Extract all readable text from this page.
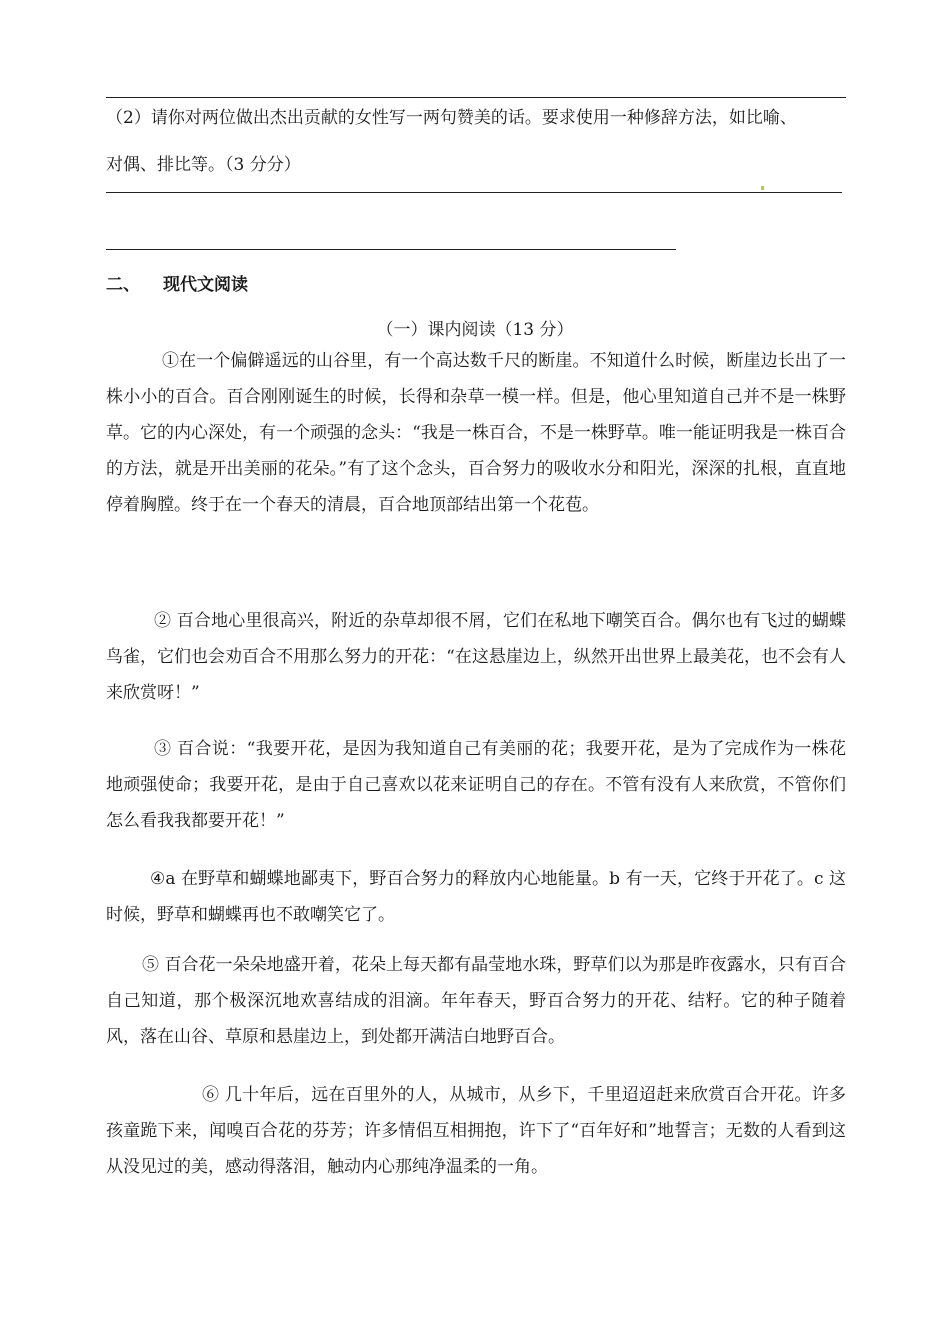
（2）请你对两位做出杰出贡献的女性写一两句赞美的话。要求使用一种修辞方法，如比喻、
对偶、排比等。（3 分分）
二、 现代文阅读
（一）课内阅读（13 分）
①在一个偏僻遥远的山谷里，有一个高达数千尺的断崖。不知道什么时候，断崖边长出了一株小小的百合。百合刚刚诞生的时候，长得和杂草一模一样。但是，他心里知道自己并不是一株野草。它的内心深处，有一个顽强的念头：“我是一株百合，不是一株野草。唯一能证明我是一株百合的方法，就是开出美丽的花朵。”有了这个念头，百合努力的吸收水分和阳光，深深的扎根，直直地停着胸膛。终于在一个春天的清晨，百合地顶部结出第一个花苞。
② 百合地心里很高兴，附近的杂草却很不屑，它们在私地下嘲笑百合。偶尔也有飞过的蝴蝶鸟雀，它们也会劝百合不用那么努力的开花：“在这悬崖边上，纵然开出世界上最美花，也不会有人来欣赏呀！”
③ 百合说：“我要开花，是因为我知道自己有美丽的花；我要开花，是为了完成作为一株花地顽强使命；我要开花，是由于自己喜欢以花来证明自己的存在。不管有没有人来欣赏，不管你们怎么看我我都要开花！”
④a 在野草和蝴蝶地鄙夷下，野百合努力的释放内心地能量。b 有一天，它终于开花了。c 这时候，野草和蝴蝶再也不敢嘲笑它了。
⑤ 百合花一朵朵地盛开着，花朵上每天都有晶莹地水珠，野草们以为那是昨夜露水，只有百合自己知道，那个极深沉地欢喜结成的泪滴。年年春天，野百合努力的开花、结籽。它的种子随着风，落在山谷、草原和悬崖边上，到处都开满洁白地野百合。
⑥ 几十年后，远在百里外的人，从城市，从乡下，千里迢迢赶来欣赏百合开花。许多孩童跪下来，闻嗅百合花的芬芳；许多情侣互相拥抱，许下了“百年好和”地誓言；无数的人看到这从没见过的美，感动得落泪，触动内心那纯净温柔的一角。
